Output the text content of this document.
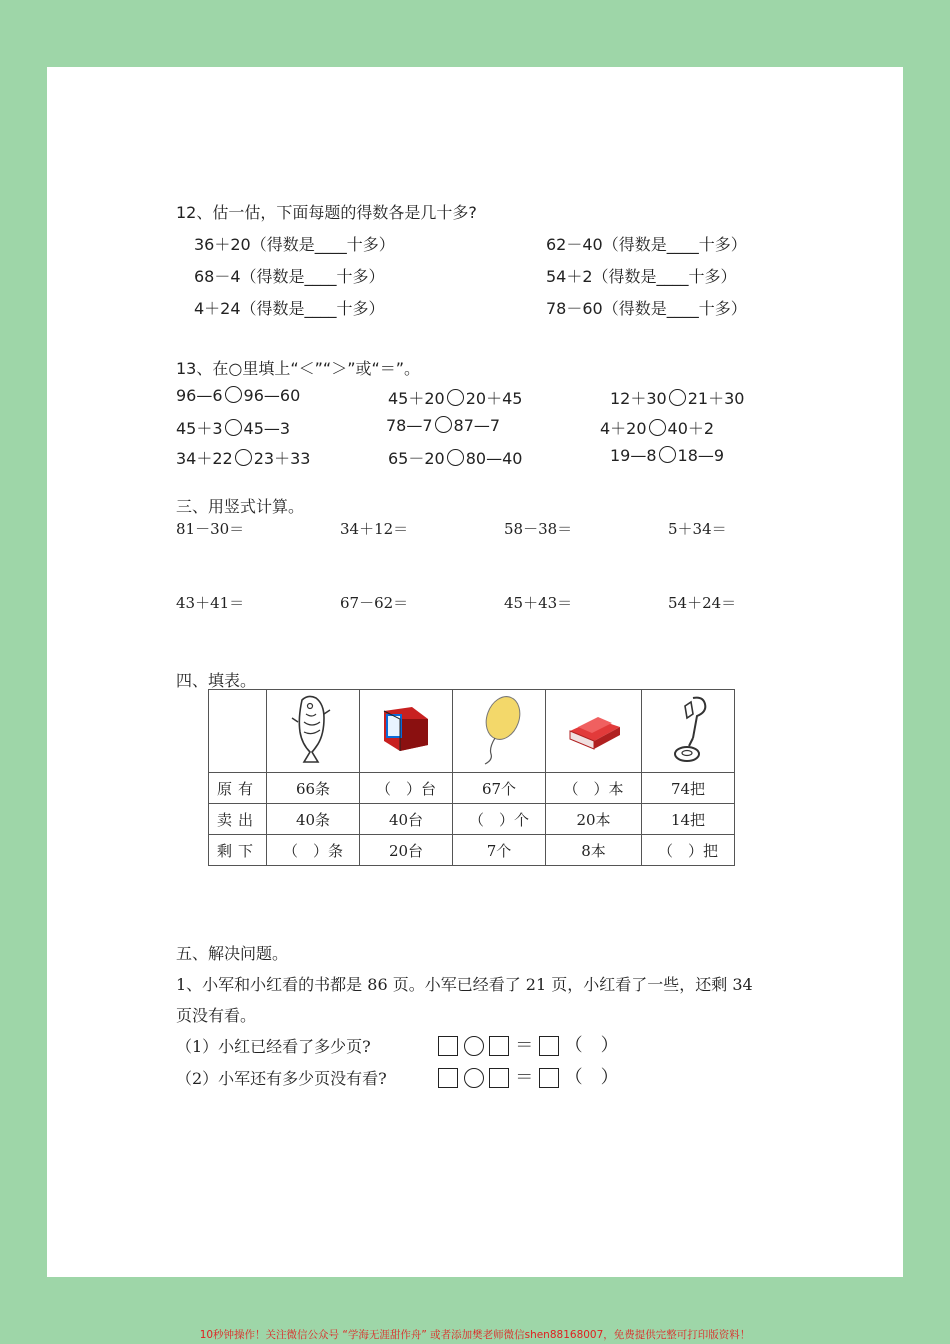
12、估一估，下面每题的得数各是几十多?
36＋20（得数是____十多）	62－40（得数是____十多）
68－4（得数是____十多）	54＋2（得数是____十多）
4＋24（得数是____十多）	78－60（得数是____十多）
13、在○里填上“＜”“＞”或“＝”。
96—6 96—60	45＋20 20＋45	12＋30 21＋30
45＋3 45—3	78—7 87—7	4＋20 40＋2
34＋22 23＋33	65－20 80—40	19—8 18—9
三、用竖式计算。
81－30＝	34＋12＝	58－38＝	5＋34＝
43＋41＝	67－62＝	45＋43＝	54＋24＝
四、填表。

原有	66条	（　）台	67个	（　）本	74把
卖出	40条	40台	（　）个	20本	14把
剩下	（　）条	20台	7个	8本	（　）把
五、解决问题。
1、小军和小红看的书都是 86 页。小军已经看了 21 页，小红看了一些，还剩 34
页没有看。
（1）小红已经看了多少页?	＝ （　）
（2）小军还有多少页没有看?	＝ （　）
10秒钟操作！关注微信公众号 “学海无涯甜作舟” 或者添加樊老师微信shen88168007，免费提供完整可打印版资料！
